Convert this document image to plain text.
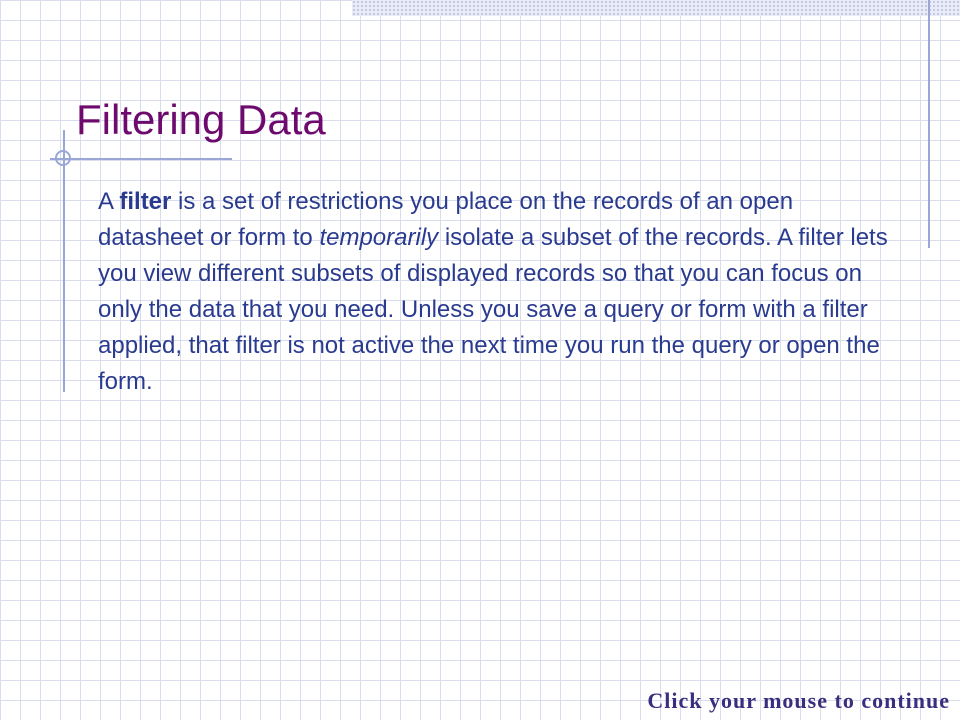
Filtering Data

A filter is a set of restrictions you place on the records of an open datasheet or form to temporarily isolate a subset of the records. A filter lets you view different subsets of displayed records so that you can focus on only the data that you need. Unless you save a query or form with a filter applied, that filter is not active the next time you run the query or open the form.

Click your mouse to continue
